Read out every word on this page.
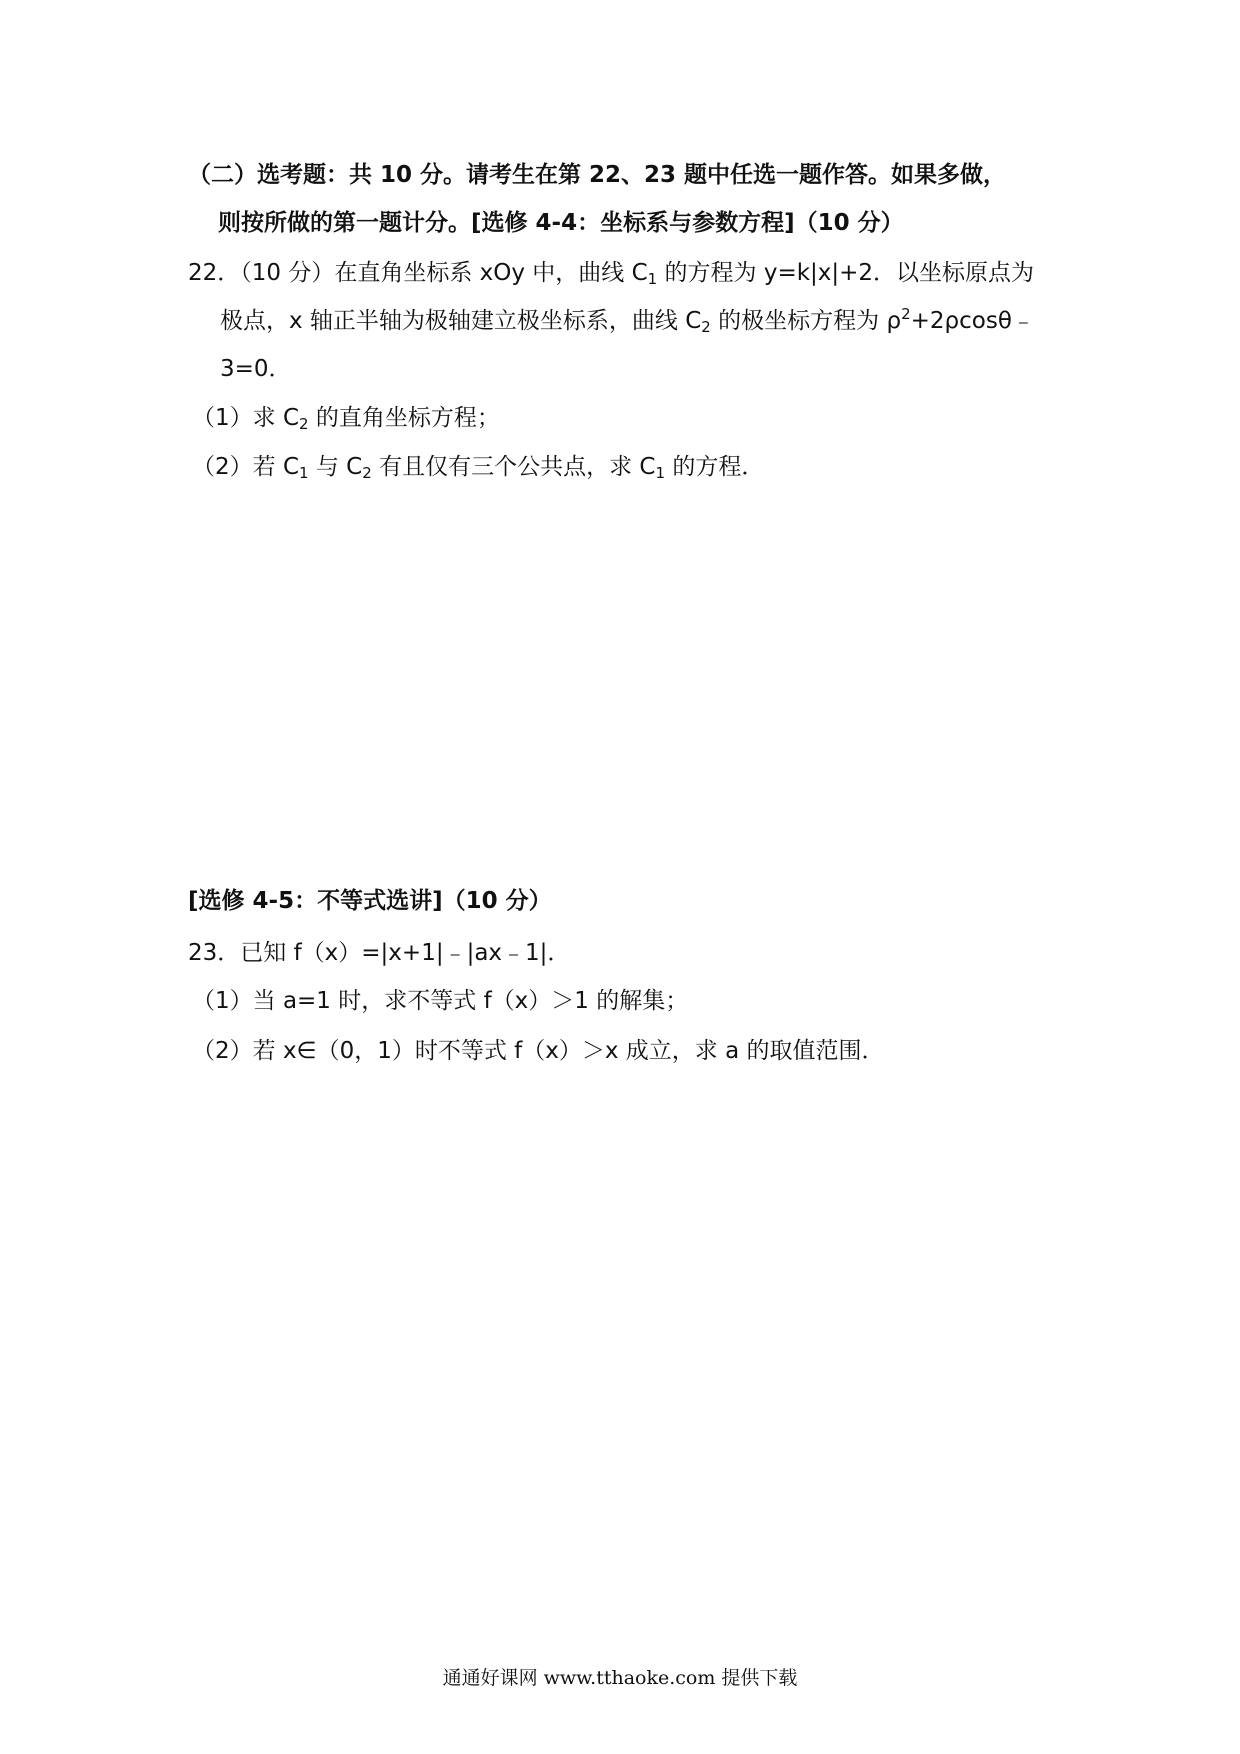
（二）选考题：共 10 分。请考生在第 22、23 题中任选一题作答。如果多做，
则按所做的第一题计分。[选修 4-4：坐标系与参数方程]（10 分）
22．（10 分）在直角坐标系 xOy 中，曲线 $C_1$ 的方程为 y=k|x|+2．以坐标原点为
极点，x 轴正半轴为极轴建立极坐标系，曲线 $C_2$ 的极坐标方程为 $\rho^2+2\rho\cos\theta﹣$
3=0．
（1）求 $C_2$ 的直角坐标方程；
（2）若 $C_1$ 与 $C_2$ 有且仅有三个公共点，求 $C_1$ 的方程．
[选修 4-5：不等式选讲]（10 分）
23．已知 f（x）=|x+1|﹣|ax﹣1|．
（1）当 a=1 时，求不等式 f（x）＞1 的解集；
（2）若 x∈（0，1）时不等式 f（x）＞x 成立，求 a 的取值范围．
通通好课网 www.tthaoke.com 提供下载
